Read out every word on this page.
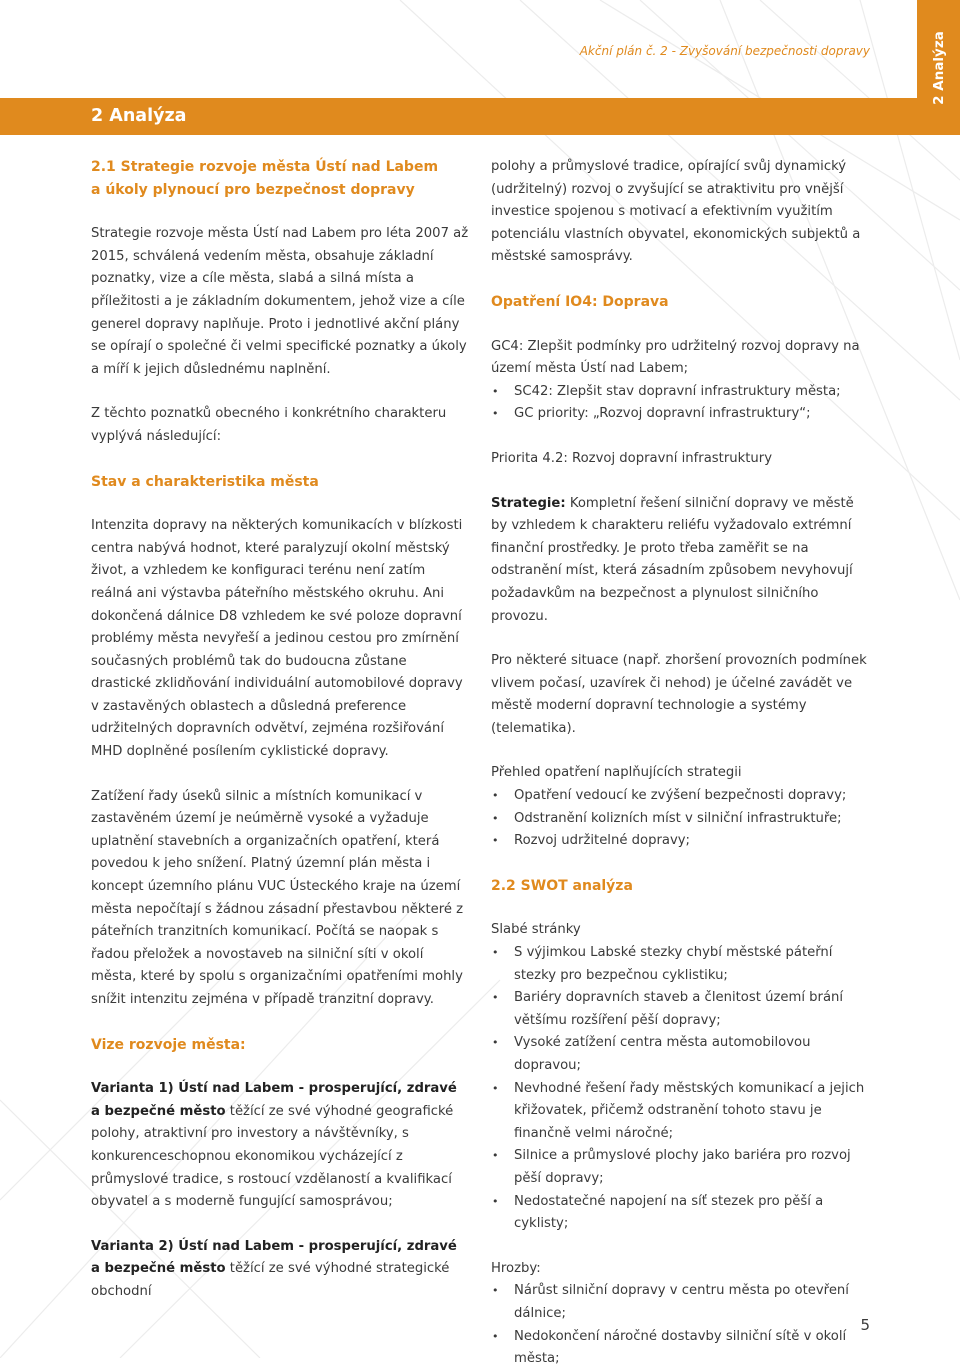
Akční plán č. 2 - Zvyšování bezpečnosti dopravy	2 Analýza
2 Analýza

2.1 Strategie rozvoje města Ústí nad Labem
a úkoly plynoucí pro bezpečnost dopravy

Strategie rozvoje města Ústí nad Labem pro léta 2007 až 2015, schválená vedením města, obsahuje základní poznatky, vize a cíle města, slabá a silná místa a příležitosti a je základním dokumentem, jehož vize a cíle generel dopravy naplňuje. Proto i jednotlivé akční plány se opírají o společné či velmi specifické poznatky a úkoly a míří k jejich důslednému naplnění.

Z těchto poznatků obecného i konkrétního charakteru vyplývá následující:

Stav a charakteristika města

Intenzita dopravy na některých komunikacích v blízkosti centra nabývá hodnot, které paralyzují okolní městský život, a vzhledem ke konfiguraci terénu není zatím reálná ani výstavba páteřního městského okruhu. Ani dokončená dálnice D8 vzhledem ke své poloze dopravní problémy města nevyřeší a jedinou cestou pro zmírnění současných problémů tak do budoucna zůstane drastické zklidňování individuální automobilové dopravy v zastavěných oblastech a důsledná preference udržitelných dopravních odvětví, zejména rozšiřování MHD doplněné posílením cyklistické dopravy.

Zatížení řady úseků silnic a místních komunikací v zastavěném území je neúměrně vysoké a vyžaduje uplatnění stavebních a organizačních opatření, která povedou k jeho snížení. Platný územní plán města i koncept územního plánu VUC Ústeckého kraje na území města nepočítají s žádnou zásadní přestavbou některé z páteřních tranzitních komunikací. Počítá se naopak s řadou přeložek a novostaveb na silniční síti v okolí města, které by spolu s organizačními opatřeními mohly snížit intenzitu zejména v případě tranzitní dopravy.

Vize rozvoje města:

Varianta 1) Ústí nad Labem - prosperující, zdravé a bezpečné město těžící ze své výhodné geografické polohy, atraktivní pro investory a návštěvníky, s konkurenceschopnou ekonomikou vycházející z průmyslové tradice, s rostoucí vzdělaností a kvalifikací obyvatel a s moderně fungující samosprávou;

Varianta 2) Ústí nad Labem - prosperující, zdravé a bezpečné město těžící ze své výhodné strategické obchodní

polohy a průmyslové tradice, opírající svůj dynamický (udržitelný) rozvoj o zvyšující se atraktivitu pro vnější investice spojenou s motivací a efektivním využitím potenciálu vlastních obyvatel, ekonomických subjektů a městské samosprávy.

Opatření IO4: Doprava

GC4: Zlepšit podmínky pro udržitelný rozvoj dopravy na území města Ústí nad Labem;

• SC42: Zlepšit stav dopravní infrastruktury města;
• GC priority: „Rozvoj dopravní infrastruktury“;

Priorita 4.2: Rozvoj dopravní infrastruktury

Strategie: Kompletní řešení silniční dopravy ve městě by vzhledem k charakteru reliéfu vyžadovalo extrémní finanční prostředky. Je proto třeba zaměřit se na odstranění míst, která zásadním způsobem nevyhovují požadavkům na bezpečnost a plynulost silničního provozu.

Pro některé situace (např. zhoršení provozních podmínek vlivem počasí, uzavírek či nehod) je účelné zavádět ve městě moderní dopravní technologie a systémy (telematika).

Přehled opatření naplňujících strategii

• Opatření vedoucí ke zvýšení bezpečnosti dopravy;
• Odstranění kolizních míst v silniční infrastruktuře;
• Rozvoj udržitelné dopravy;

2.2 SWOT analýza

Slabé stránky

• S výjimkou Labské stezky chybí městské páteřní stezky pro bezpečnou cyklistiku;
• Bariéry dopravních staveb a členitost území brání většímu rozšíření pěší dopravy;
• Vysoké zatížení centra města automobilovou dopravou;
• Nevhodné řešení řady městských komunikací a jejich křižovatek, přičemž odstranění tohoto stavu je finančně velmi náročné;
• Silnice a průmyslové plochy jako bariéra pro rozvoj pěší dopravy;
• Nedostatečné napojení na síť stezek pro pěší a cyklisty;

Hrozby:

• Nárůst silniční dopravy v centru města po otevření dálnice;
• Nedokončení náročné dostavby silniční sítě v okolí města;
5
